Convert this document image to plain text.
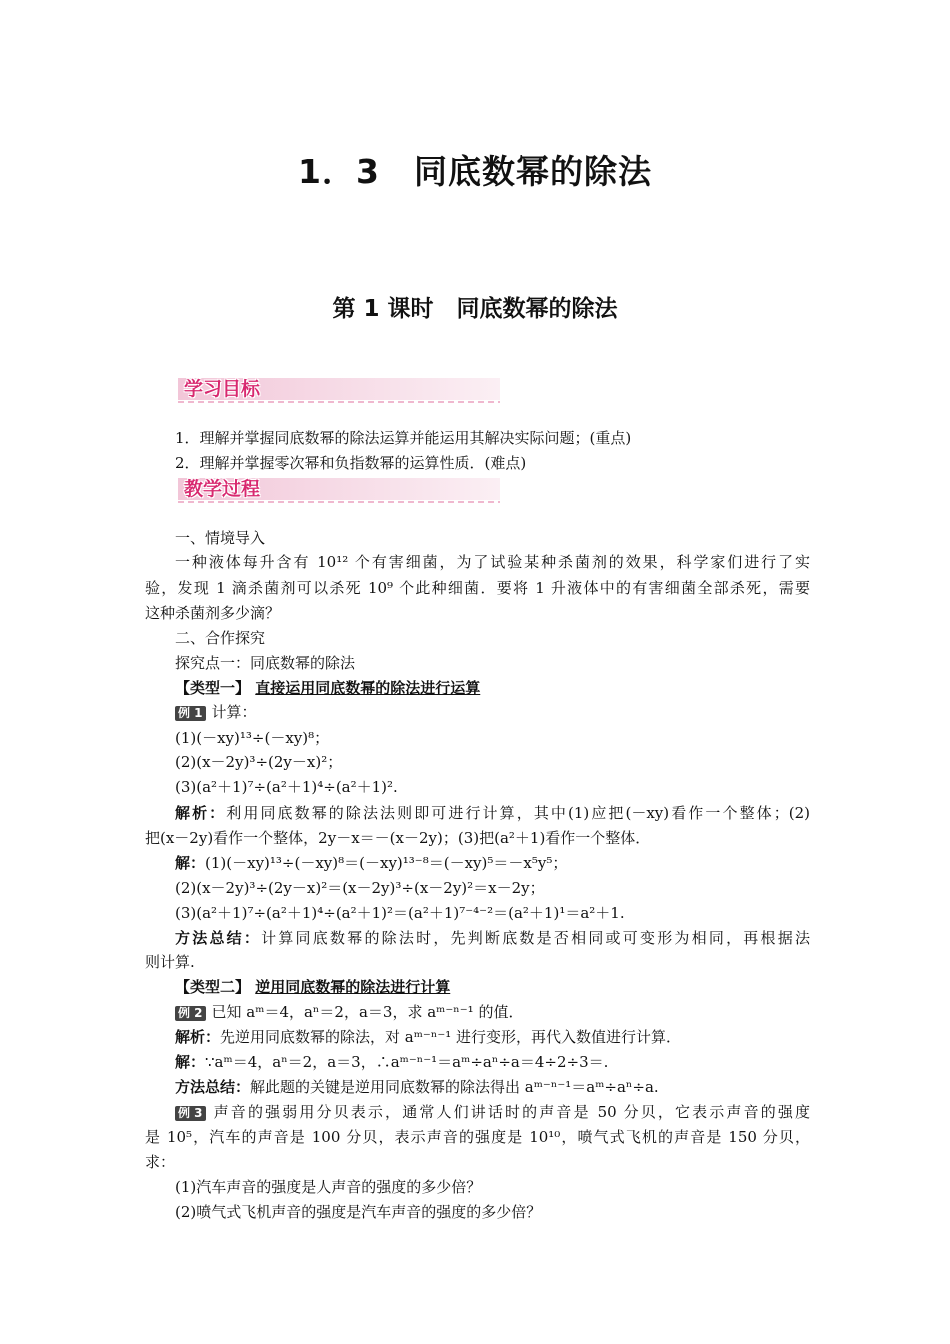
1．3　同底数幂的除法
第 1 课时　同底数幂的除法
学习目标
1．理解并掌握同底数幂的除法运算并能运用其解决实际问题；(重点)
2．理解并掌握零次幂和负指数幂的运算性质．(难点)
教学过程
一、情境导入
一种液体每升含有 10¹² 个有害细菌，为了试验某种杀菌剂的效果，科学家们进行了实
验，发现 1 滴杀菌剂可以杀死 10⁹ 个此种细菌．要将 1 升液体中的有害细菌全部杀死，需要
这种杀菌剂多少滴？
二、合作探究
探究点一：同底数幂的除法
【类型一】 直接运用同底数幂的除法进行运算
例 1 计算：
(1)(－xy)¹³÷(－xy)⁸；
(2)(x－2y)³÷(2y－x)²；
(3)(a²＋1)⁷÷(a²＋1)⁴÷(a²＋1)².
解析：利用同底数幂的除法法则即可进行计算，其中(1)应把(－xy)看作一个整体；(2)
把(x－2y)看作一个整体，2y－x＝－(x－2y)；(3)把(a²＋1)看作一个整体．
解：(1)(－xy)¹³÷(－xy)⁸＝(－xy)¹³⁻⁸＝(－xy)⁵＝－x⁵y⁵；
(2)(x－2y)³÷(2y－x)²＝(x－2y)³÷(x－2y)²＝x－2y；
(3)(a²＋1)⁷÷(a²＋1)⁴÷(a²＋1)²＝(a²＋1)⁷⁻⁴⁻²＝(a²＋1)¹＝a²＋1.
方法总结：计算同底数幂的除法时，先判断底数是否相同或可变形为相同，再根据法
则计算.
【类型二】 逆用同底数幂的除法进行计算
例 2 已知 aᵐ＝4，aⁿ＝2，a＝3，求 aᵐ⁻ⁿ⁻¹ 的值．
解析：先逆用同底数幂的除法，对 aᵐ⁻ⁿ⁻¹ 进行变形，再代入数值进行计算．
解：∵aᵐ＝4，aⁿ＝2，a＝3，∴aᵐ⁻ⁿ⁻¹＝aᵐ÷aⁿ÷a＝4÷2÷3＝.
方法总结：解此题的关键是逆用同底数幂的除法得出 aᵐ⁻ⁿ⁻¹＝aᵐ÷aⁿ÷a.
例 3 声音的强弱用分贝表示，通常人们讲话时的声音是 50 分贝，它表示声音的强度
是 10⁵，汽车的声音是 100 分贝，表示声音的强度是 10¹⁰，喷气式飞机的声音是 150 分贝，
求：
(1)汽车声音的强度是人声音的强度的多少倍？
(2)喷气式飞机声音的强度是汽车声音的强度的多少倍？
